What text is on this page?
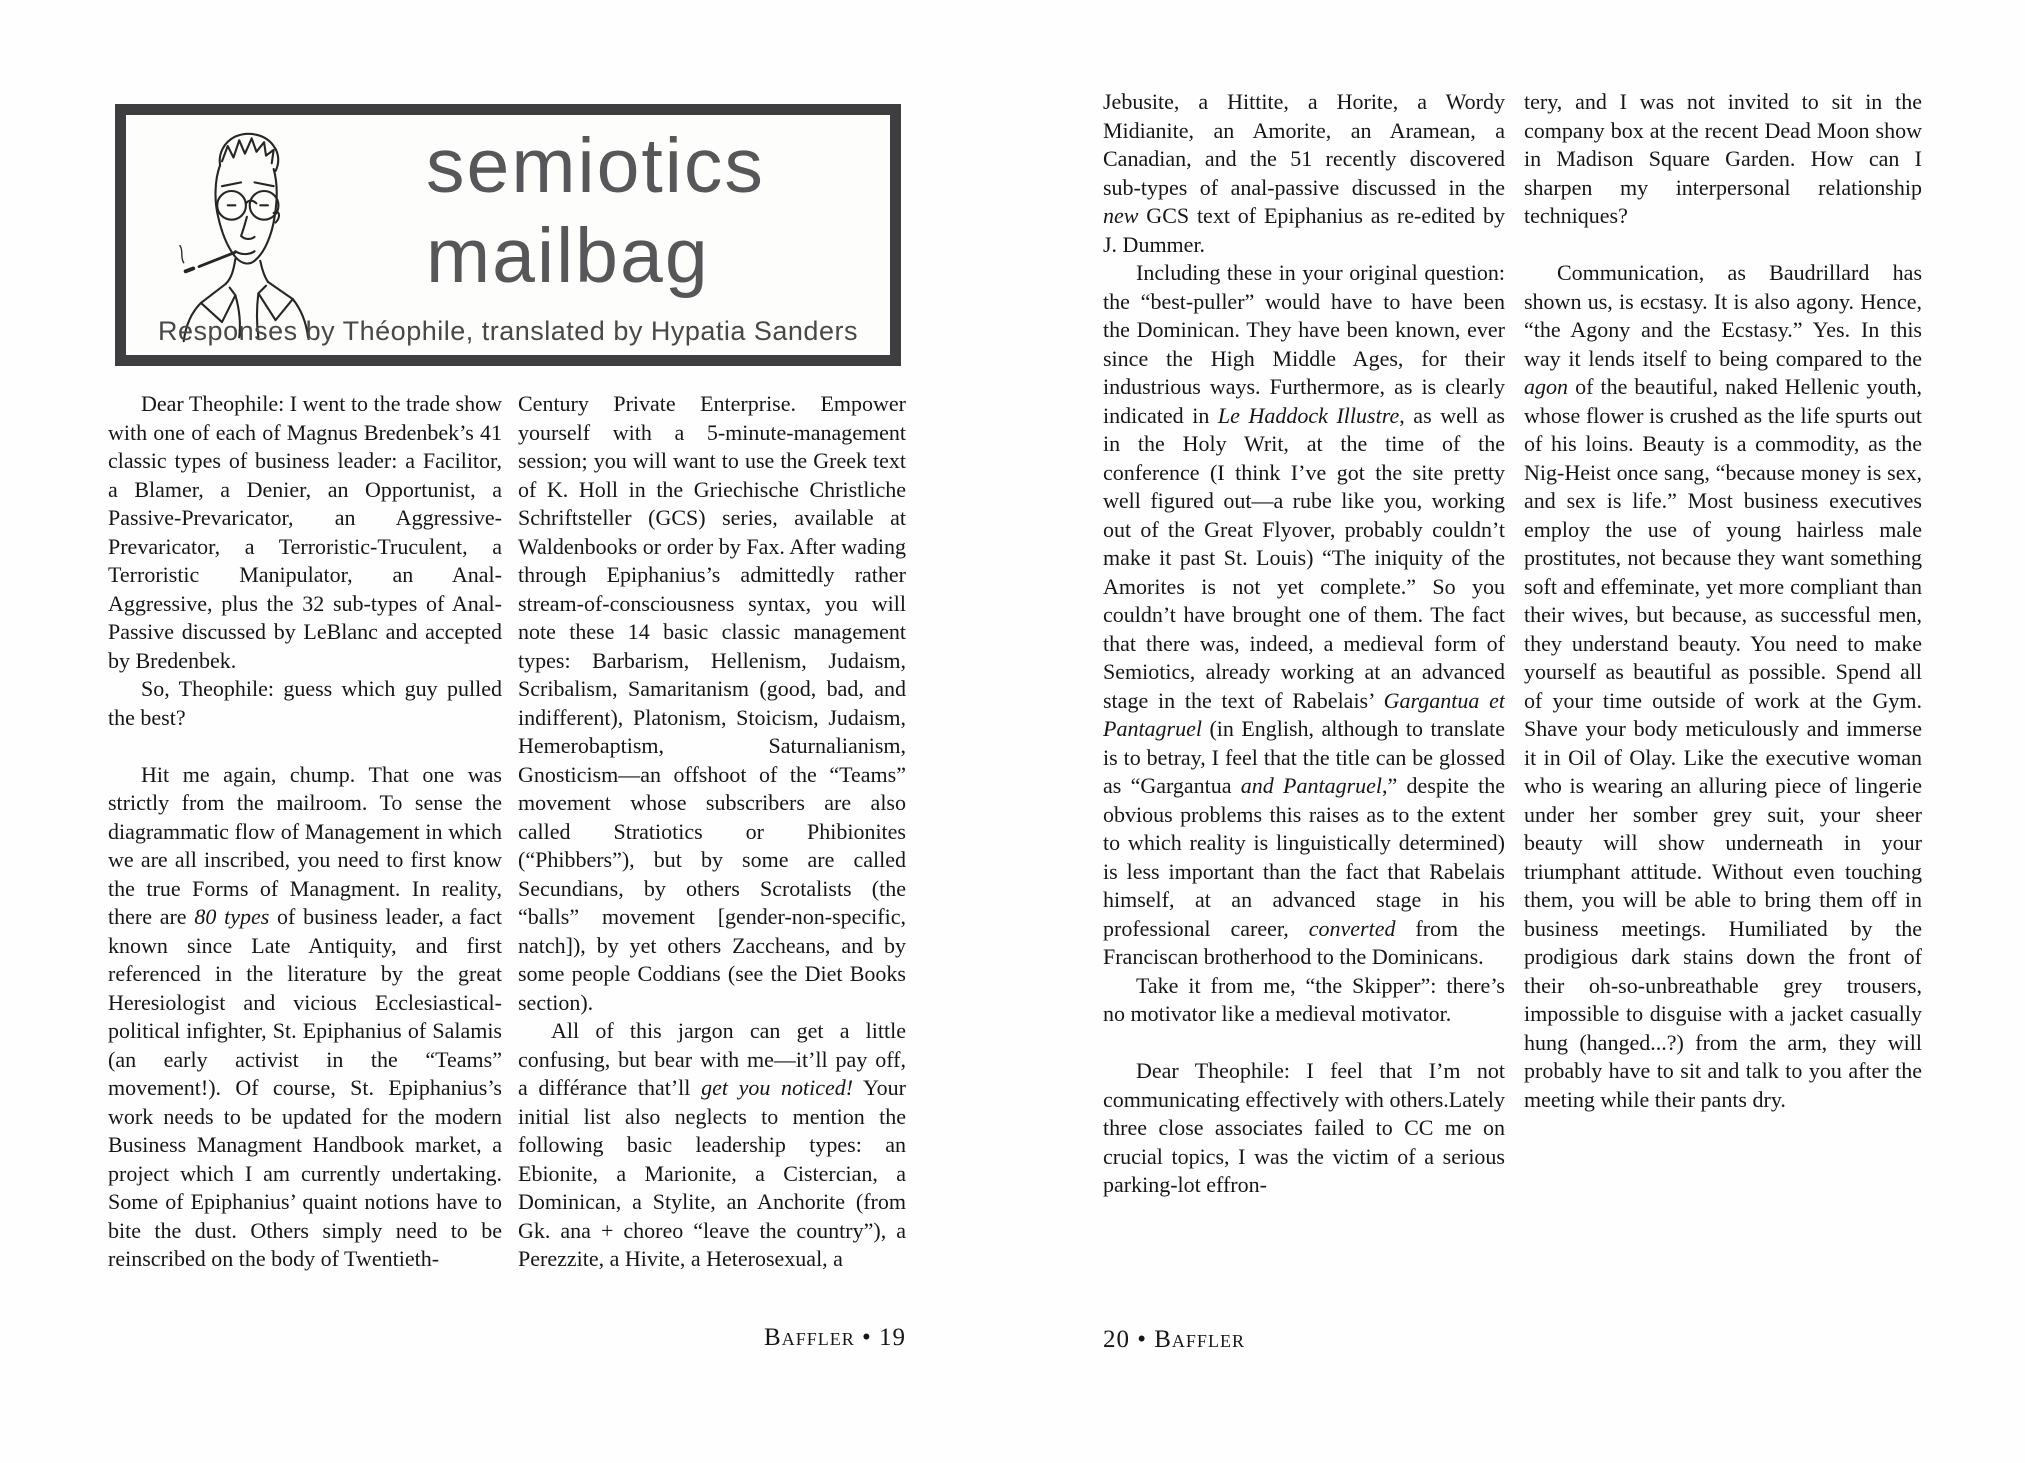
semiotics
mailbag
Responses by Théophile, translated by Hypatia Sanders

Dear Theophile: I went to the trade show with one of each of Magnus Bredenbek’s 41 classic types of business leader: a Facilitor, a Blamer, a Denier, an Opportunist, a Passive-Prevaricator, an Aggressive-Prevaricator, a Terroristic-Truculent, a Terroristic Manipulator, an Anal-Aggressive, plus the 32 sub-types of Anal-Passive discussed by LeBlanc and accepted by Bredenbek.

So, Theophile: guess which guy pulled the best?

Hit me again, chump. That one was strictly from the mailroom. To sense the diagrammatic flow of Management in which we are all inscribed, you need to first know the true Forms of Managment. In reality, there are 80 types of business leader, a fact known since Late Antiquity, and first referenced in the literature by the great Heresiologist and vicious Ecclesiastical-political infighter, St. Epiphanius of Salamis (an early activist in the “Teams” movement!). Of course, St. Epiphanius’s work needs to be updated for the modern Business Managment Handbook market, a project which I am currently undertaking. Some of Epiphanius’ quaint notions have to bite the dust. Others simply need to be reinscribed on the body of Twentieth-

Century Private Enterprise. Empower yourself with a 5-minute-management session; you will want to use the Greek text of K. Holl in the Griechische Christliche Schriftsteller (GCS) series, available at Waldenbooks or order by Fax. After wading through Epiphanius’s admittedly rather stream-of-consciousness syntax, you will note these 14 basic classic management types: Barbarism, Hellenism, Judaism, Scribalism, Samaritanism (good, bad, and indifferent), Platonism, Stoicism, Judaism, Hemerobaptism, Saturnalianism, Gnosticism—an offshoot of the “Teams” movement whose subscribers are also called Stratiotics or Phibionites (“Phibbers”), but by some are called Secundians, by others Scrotalists (the “balls” movement [gender-non-specific, natch]), by yet others Zaccheans, and by some people Coddians (see the Diet Books section).

All of this jargon can get a little confusing, but bear with me—it’ll pay off, a différance that’ll get you noticed! Your initial list also neglects to mention the following basic leadership types: an Ebionite, a Marionite, a Cistercian, a Dominican, a Stylite, an Anchorite (from Gk. ana + choreo “leave the country”), a Perezzite, a Hivite, a Heterosexual, a

Baffler • 19

Jebusite, a Hittite, a Horite, a Wordy Midianite, an Amorite, an Aramean, a Canadian, and the 51 recently discovered sub-types of anal-passive discussed in the new GCS text of Epiphanius as re-edited by J. Dummer.

Including these in your original question: the “best-puller” would have to have been the Dominican. They have been known, ever since the High Middle Ages, for their industrious ways. Furthermore, as is clearly indicated in Le Haddock Illustre, as well as in the Holy Writ, at the time of the conference (I think I’ve got the site pretty well figured out—a rube like you, working out of the Great Flyover, probably couldn’t make it past St. Louis) “The iniquity of the Amorites is not yet complete.” So you couldn’t have brought one of them. The fact that there was, indeed, a medieval form of Semiotics, already working at an advanced stage in the text of Rabelais’ Gargantua et Pantagruel (in English, although to translate is to betray, I feel that the title can be glossed as “Gargantua and Pantagruel,” despite the obvious problems this raises as to the extent to which reality is linguistically determined) is less important than the fact that Rabelais himself, at an advanced stage in his professional career, converted from the Franciscan brotherhood to the Dominicans.

Take it from me, “the Skipper”: there’s no motivator like a medieval motivator.

Dear Theophile: I feel that I’m not communicating effectively with others.Lately three close associates failed to CC me on crucial topics, I was the victim of a serious parking-lot effron-

tery, and I was not invited to sit in the company box at the recent Dead Moon show in Madison Square Garden. How can I sharpen my interpersonal relationship techniques?

Communication, as Baudrillard has shown us, is ecstasy. It is also agony. Hence, “the Agony and the Ecstasy.” Yes. In this way it lends itself to being compared to the agon of the beautiful, naked Hellenic youth, whose flower is crushed as the life spurts out of his loins. Beauty is a commodity, as the Nig-Heist once sang, “because money is sex, and sex is life.” Most business executives employ the use of young hairless male prostitutes, not because they want something soft and effeminate, yet more compliant than their wives, but because, as successful men, they understand beauty. You need to make yourself as beautiful as possible. Spend all of your time outside of work at the Gym. Shave your body meticulously and immerse it in Oil of Olay. Like the executive woman who is wearing an alluring piece of lingerie under her somber grey suit, your sheer beauty will show underneath in your triumphant attitude. Without even touching them, you will be able to bring them off in business meetings. Humiliated by the prodigious dark stains down the front of their oh-so-unbreathable grey trousers, impossible to disguise with a jacket casually hung (hanged...?) from the arm, they will probably have to sit and talk to you after the meeting while their pants dry.

20 • Baffler
